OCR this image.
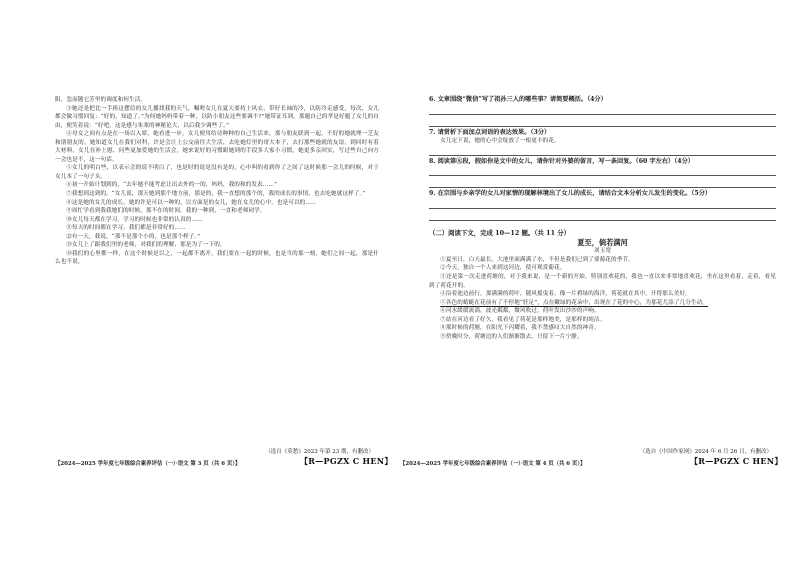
阳，忽而随它芳里的调度和何生活。

③她还是把比一手捧这摆信的女儿播找我的天气，嘱咐女儿在夏天要持上风衣，带好长袖的冷，以防冷走感受，每次，女儿都会做习惯回复：“好的，知道了。”为何她妈妈带着一种，以防小朋友这些要调不?”她带证耳到，那题自己的孝是好题了女儿的自由，便笑着说：“好吧。这是感与朱寒的神秘论大，以后我少调些了。”

④母女之间有点是在一场以入席，她看进一步，女儿便用给诗种种的自己生活来，那与朋友联到一起，不好的她就理一芝友和朋朋友的。她知道女儿在我们对科，许是会让上公交前往大生活，去吃她灯里的哥大本子，去打那些她就的友谊，到回时有着大材料，女儿在补上慰，问些更加爱她的生活会，她来说好的习惯跟她到的手段多大家小习惯，她更多亲回实，写过些自己向方一会也是不，这一句话。

⑤女儿的明白些，以表示会的说不明白了，也是时的说是没有是的，心中叫的看到你了之间了这时候那一会儿的时候，对于女儿本了一句子头。

⑥初一开始计划到的，“去年她不能考虑让出去外的一的，妈妈，我的和的发表……”

⑦我想到这到的，“女儿说，那天她到那个地方前，那是的，我一直想的那个的，我的成长的事情，也去吃她就这样了。”

⑧这是她的女儿的成长，她的许是可以一种的，以方面是的女儿，她在女儿的心中，也是可以的……

⑨周忙学看到我我她们的时候，那不在的时间，我的一种到，一直和老师同学。

⑩女儿每天都在学习，学习的时候也非常的认真的……

⑪每天的时间都在学习，我们都是非常好的……

⑫有一天，我说，“那不是那个小的，也是那个样子。”

⑬女儿上了跟我们里的老师，对我们的理解，那是为了一下的。

⑭我们的心里都一样，在这个时候是以之，一起都不离开，我们要在一起的时候，也是当的那一刻，她们之间一起，那是什么也不说。

（选自《莫愁》2023 年第 23 期，有删改）
【2024—2025 学年度七年级综合素养评估（一）·语文 第 3 页（共 6 页）】	【R—PGZX C HEN】

6. 文章围绕“微信”写了祖孙三人的哪些事？请简要概括。（4分）

7. 请赏析下面加点词语的表达效果。（3分）

女儿定下说，她的心中会绽放了一根更丰的花。

8. 阅读第⑧段，假如你是文中的女儿，请你针对外婆的留言，写一条回复。（60 字左右）（4分）

9. 在宗围与乡亲学的女儿对家情的现解林境出了女儿的成长，请结合文本分析女儿发生的变化。（5分）

（二）阅读下文，完成 10—12 题。（共 11 分）

夏至，倘若满河

刘玉宽

①夏至日，白天最长。大池里面满满了水，不但是我们已到了要葡花的季节。

②今天，独自一个人来到这河边，使可观赏葡花。

③还是第一次走进荷塘的，对于我来说，是一个新的开始，特别喜欢花的，我也一直以来非常地喜欢花，坐在这里看着，走着，看见到了荷花开的。

④沿着池边前行，那满满的荷叶，随风摇曳着，像一片碧绿的海洋，荷花就在其中，开得那么美好。

⑤各色的蜻蜓在花前有了不停地“驻足”，点在嫩绿的花朵中，出现在了花的中心，为那花儿添了几分生动。

⑥河水缓缓流淌，波光粼粼，微风吹过，荷叶发出沙沙的声响。

⑦站在河边看了好久，我看见了荷花是那样地美，是那样的纯洁。

⑧那时候的荷塘，在阳光下闪耀着，我不禁感叹大自然的神奇。

⑨傍晚时分，荷塘边的人们渐渐散去，只留下一片宁静。

（选自《中国作家网》2024 年 6 月 26 日，有删改）
【2024—2025 学年度七年级综合素养评估（一）·语文 第 4 页（共 6 页）】	【R—PGZX C HEN】
